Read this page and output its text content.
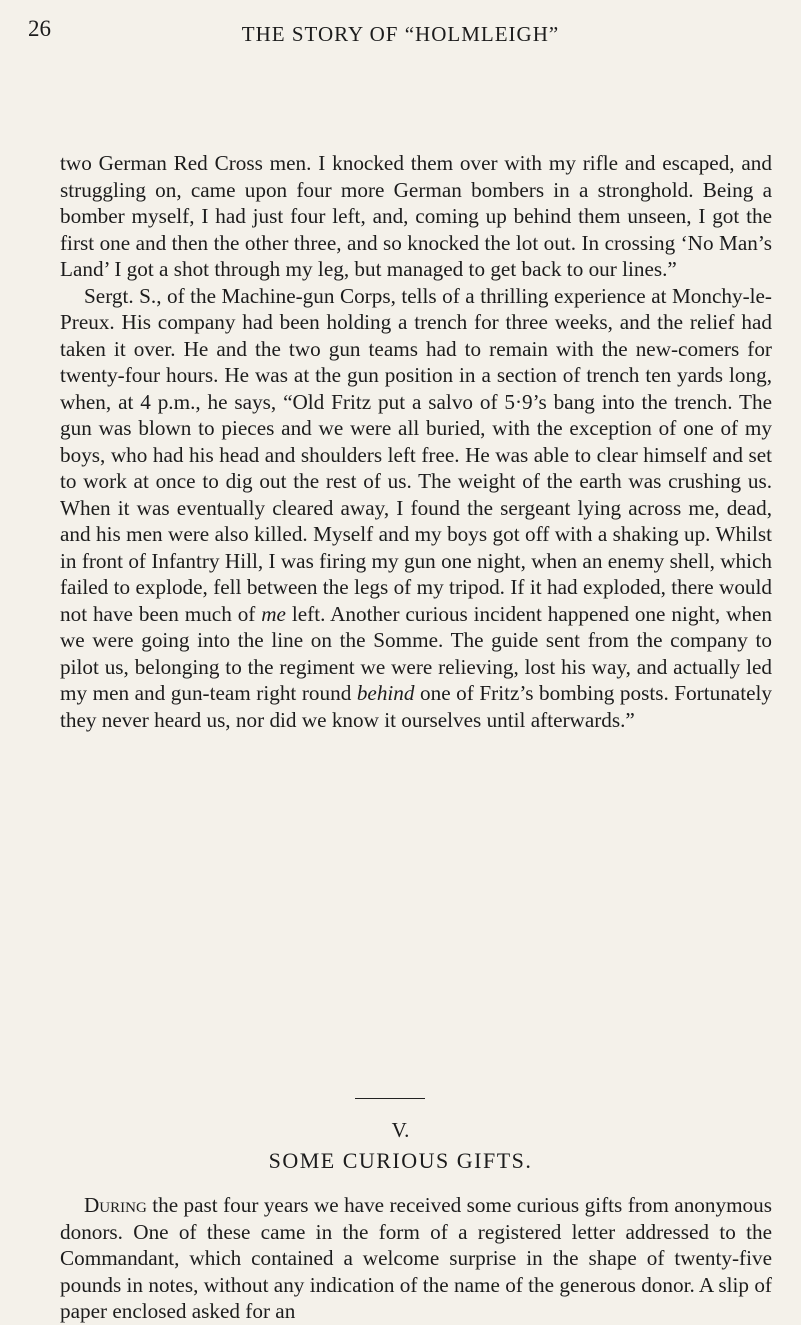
26	THE STORY OF “HOLMLEIGH”

two German Red Cross men. I knocked them over with my rifle and escaped, and struggling on, came upon four more German bombers in a stronghold. Being a bomber myself, I had just four left, and, coming up behind them unseen, I got the first one and then the other three, and so knocked the lot out. In crossing ‘No Man’s Land’ I got a shot through my leg, but managed to get back to our lines.”

Sergt. S., of the Machine-gun Corps, tells of a thrilling experience at Monchy-le-Preux. His company had been holding a trench for three weeks, and the relief had taken it over. He and the two gun teams had to remain with the new-comers for twenty-four hours. He was at the gun position in a section of trench ten yards long, when, at 4 p.m., he says, “Old Fritz put a salvo of 5·9’s bang into the trench. The gun was blown to pieces and we were all buried, with the exception of one of my boys, who had his head and shoulders left free. He was able to clear himself and set to work at once to dig out the rest of us. The weight of the earth was crushing us. When it was eventually cleared away, I found the sergeant lying across me, dead, and his men were also killed. Myself and my boys got off with a shaking up. Whilst in front of Infantry Hill, I was firing my gun one night, when an enemy shell, which failed to explode, fell between the legs of my tripod. If it had exploded, there would not have been much of me left. Another curious incident happened one night, when we were going into the line on the Somme. The guide sent from the company to pilot us, belonging to the regiment we were relieving, lost his way, and actually led my men and gun-team right round behind one of Fritz’s bombing posts. Fortunately they never heard us, nor did we know it ourselves until afterwards.”

V.
SOME CURIOUS GIFTS.

During the past four years we have received some curious gifts from anonymous donors. One of these came in the form of a registered letter addressed to the Commandant, which contained a welcome surprise in the shape of twenty-five pounds in notes, without any indication of the name of the generous donor. A slip of paper enclosed asked for an
